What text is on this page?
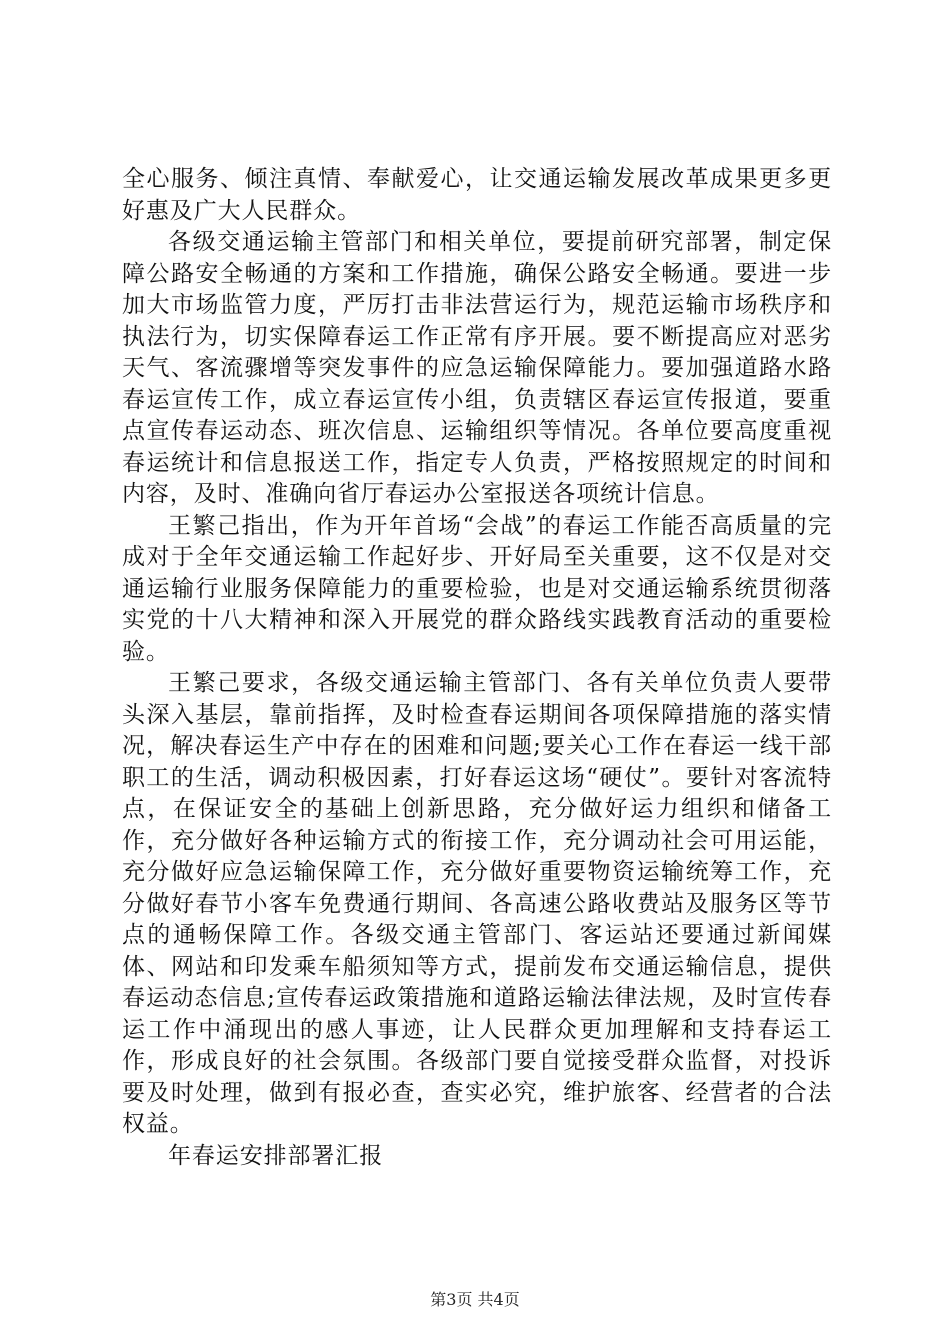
全心服务、倾注真情、奉献爱心，让交通运输发展改革成果更多更好惠及广大人民群众。

各级交通运输主管部门和相关单位，要提前研究部署，制定保障公路安全畅通的方案和工作措施，确保公路安全畅通。要进一步加大市场监管力度，严厉打击非法营运行为，规范运输市场秩序和执法行为，切实保障春运工作正常有序开展。要不断提高应对恶劣天气、客流骤增等突发事件的应急运输保障能力。要加强道路水路春运宣传工作，成立春运宣传小组，负责辖区春运宣传报道，要重点宣传春运动态、班次信息、运输组织等情况。各单位要高度重视春运统计和信息报送工作，指定专人负责，严格按照规定的时间和内容，及时、准确向省厅春运办公室报送各项统计信息。

王繁己指出，作为开年首场“会战”的春运工作能否高质量的完成对于全年交通运输工作起好步、开好局至关重要，这不仅是对交通运输行业服务保障能力的重要检验，也是对交通运输系统贯彻落实党的十八大精神和深入开展党的群众路线实践教育活动的重要检验。

王繁己要求，各级交通运输主管部门、各有关单位负责人要带头深入基层，靠前指挥，及时检查春运期间各项保障措施的落实情况，解决春运生产中存在的困难和问题;要关心工作在春运一线干部职工的生活，调动积极因素，打好春运这场“硬仗”。要针对客流特点，在保证安全的基础上创新思路，充分做好运力组织和储备工作，充分做好各种运输方式的衔接工作，充分调动社会可用运能，充分做好应急运输保障工作，充分做好重要物资运输统筹工作，充分做好春节小客车免费通行期间、各高速公路收费站及服务区等节点的通畅保障工作。各级交通主管部门、客运站还要通过新闻媒体、网站和印发乘车船须知等方式，提前发布交通运输信息，提供春运动态信息;宣传春运政策措施和道路运输法律法规，及时宣传春运工作中涌现出的感人事迹，让人民群众更加理解和支持春运工作，形成良好的社会氛围。各级部门要自觉接受群众监督，对投诉要及时处理，做到有报必查，查实必究，维护旅客、经营者的合法权益。

年春运安排部署汇报

第3页 共4页
